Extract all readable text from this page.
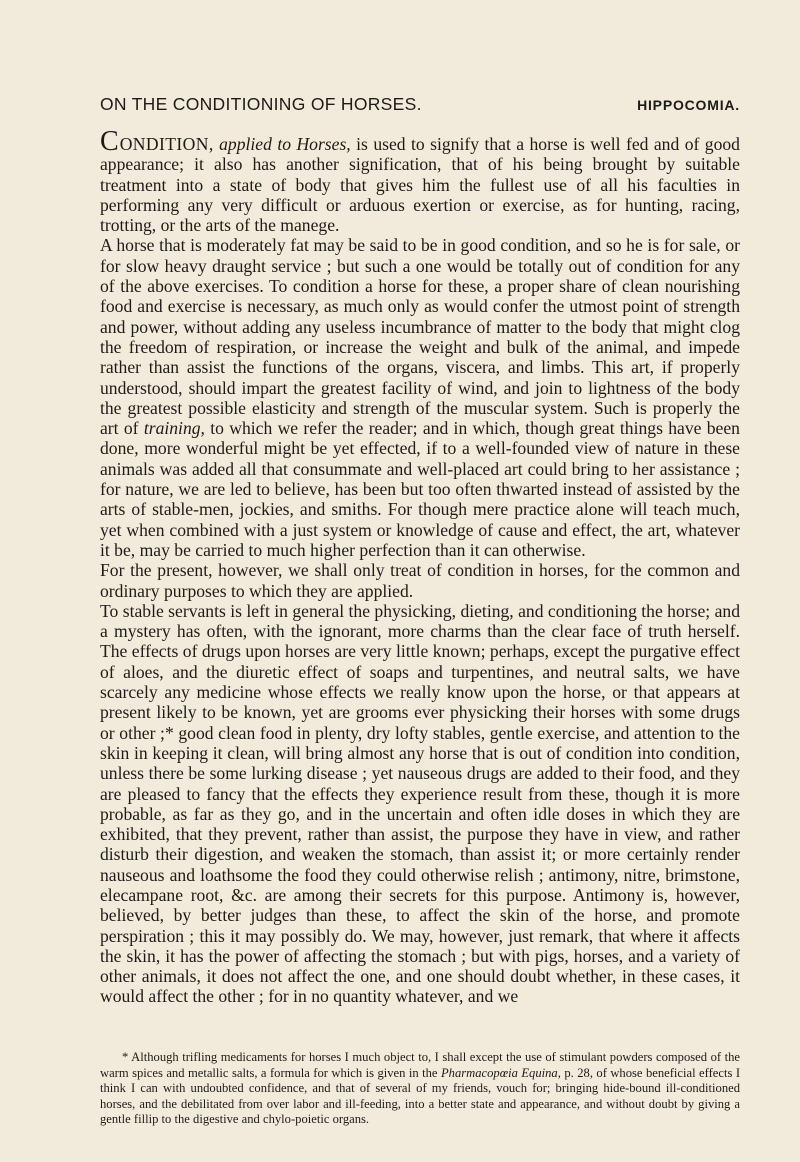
ON THE CONDITIONING OF HORSES.	HIPPOCOMIA.

CONDITION, applied to Horses, is used to signify that a horse is well fed and of good appearance; it also has another signification, that of his being brought by suitable treatment into a state of body that gives him the fullest use of all his faculties in performing any very difficult or arduous exertion or exercise, as for hunting, racing, trotting, or the arts of the manege.

A horse that is moderately fat may be said to be in good condition, and so he is for sale, or for slow heavy draught service ; but such a one would be totally out of condition for any of the above exercises. To condition a horse for these, a proper share of clean nourishing food and exercise is necessary, as much only as would confer the utmost point of strength and power, without adding any useless incumbrance of matter to the body that might clog the freedom of respiration, or increase the weight and bulk of the animal, and impede rather than assist the functions of the organs, viscera, and limbs. This art, if properly understood, should impart the greatest facility of wind, and join to lightness of the body the greatest possible elasticity and strength of the muscular system. Such is properly the art of training, to which we refer the reader; and in which, though great things have been done, more wonderful might be yet effected, if to a well-founded view of nature in these animals was added all that consummate and well-placed art could bring to her assistance ; for nature, we are led to believe, has been but too often thwarted instead of assisted by the arts of stable-men, jockies, and smiths. For though mere practice alone will teach much, yet when combined with a just system or knowledge of cause and effect, the art, whatever it be, may be carried to much higher perfection than it can otherwise.

For the present, however, we shall only treat of condition in horses, for the common and ordinary purposes to which they are applied.

To stable servants is left in general the physicking, dieting, and conditioning the horse; and a mystery has often, with the ignorant, more charms than the clear face of truth herself. The effects of drugs upon horses are very little known; perhaps, except the purgative effect of aloes, and the diuretic effect of soaps and turpentines, and neutral salts, we have scarcely any medicine whose effects we really know upon the horse, or that appears at present likely to be known, yet are grooms ever physicking their horses with some drugs or other ;* good clean food in plenty, dry lofty stables, gentle exercise, and attention to the skin in keeping it clean, will bring almost any horse that is out of condition into condition, unless there be some lurking disease ; yet nauseous drugs are added to their food, and they are pleased to fancy that the effects they experience result from these, though it is more probable, as far as they go, and in the uncertain and often idle doses in which they are exhibited, that they prevent, rather than assist, the purpose they have in view, and rather disturb their digestion, and weaken the stomach, than assist it; or more certainly render nauseous and loathsome the food they could otherwise relish ; antimony, nitre, brimstone, elecampane root, &c. are among their secrets for this purpose. Antimony is, however, believed, by better judges than these, to affect the skin of the horse, and promote perspiration ; this it may possibly do. We may, however, just remark, that where it affects the skin, it has the power of affecting the stomach ; but with pigs, horses, and a variety of other animals, it does not affect the one, and one should doubt whether, in these cases, it would affect the other ; for in no quantity whatever, and we

* Although trifling medicaments for horses I much object to, I shall except the use of stimulant powders composed of the warm spices and metallic salts, a formula for which is given in the Pharmacopœia Equina, p. 28, of whose beneficial effects I think I can with undoubted confidence, and that of several of my friends, vouch for; bringing hide-bound ill-conditioned horses, and the debilitated from over labor and ill-feeding, into a better state and appearance, and without doubt by giving a gentle fillip to the digestive and chylo-poietic organs.
